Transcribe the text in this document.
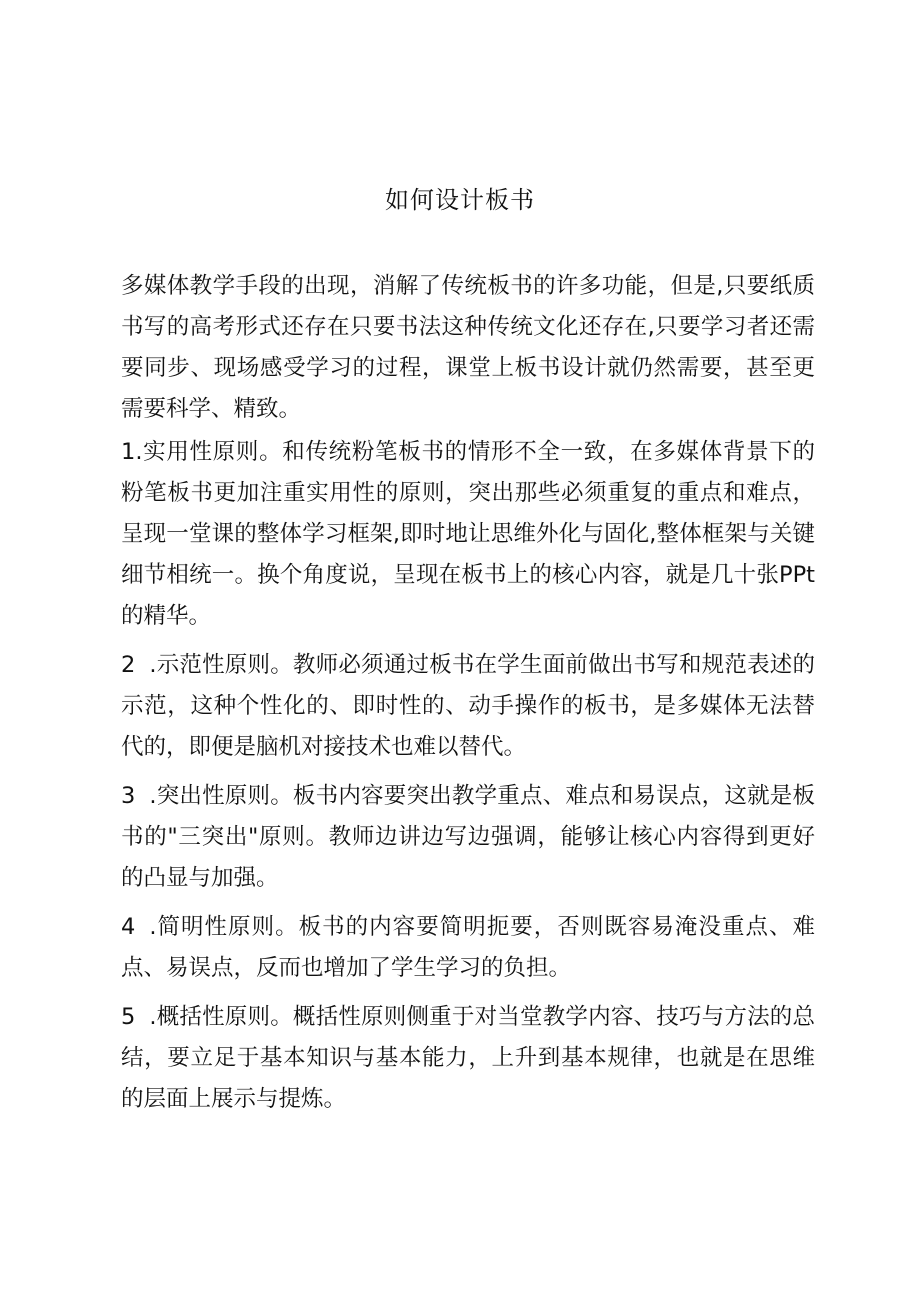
如何设计板书

多媒体教学手段的出现，消解了传统板书的许多功能，但是,只要纸质书写的高考形式还存在只要书法这种传统文化还存在,只要学习者还需要同步、现场感受学习的过程，课堂上板书设计就仍然需要，甚至更需要科学、精致。

1.实用性原则。和传统粉笔板书的情形不全一致，在多媒体背景下的粉笔板书更加注重实用性的原则，突出那些必须重复的重点和难点，呈现一堂课的整体学习框架,即时地让思维外化与固化,整体框架与关键细节相统一。换个角度说，呈现在板书上的核心内容，就是几十张PPt的精华。

2 .示范性原则。教师必须通过板书在学生面前做出书写和规范表述的示范，这种个性化的、即时性的、动手操作的板书，是多媒体无法替代的，即便是脑机对接技术也难以替代。

3 .突出性原则。板书内容要突出教学重点、难点和易误点，这就是板书的"三突出"原则。教师边讲边写边强调，能够让核心内容得到更好的凸显与加强。

4 .简明性原则。板书的内容要简明扼要，否则既容易淹没重点、难点、易误点，反而也增加了学生学习的负担。

5 .概括性原则。概括性原则侧重于对当堂教学内容、技巧与方法的总结，要立足于基本知识与基本能力，上升到基本规律，也就是在思维的层面上展示与提炼。
